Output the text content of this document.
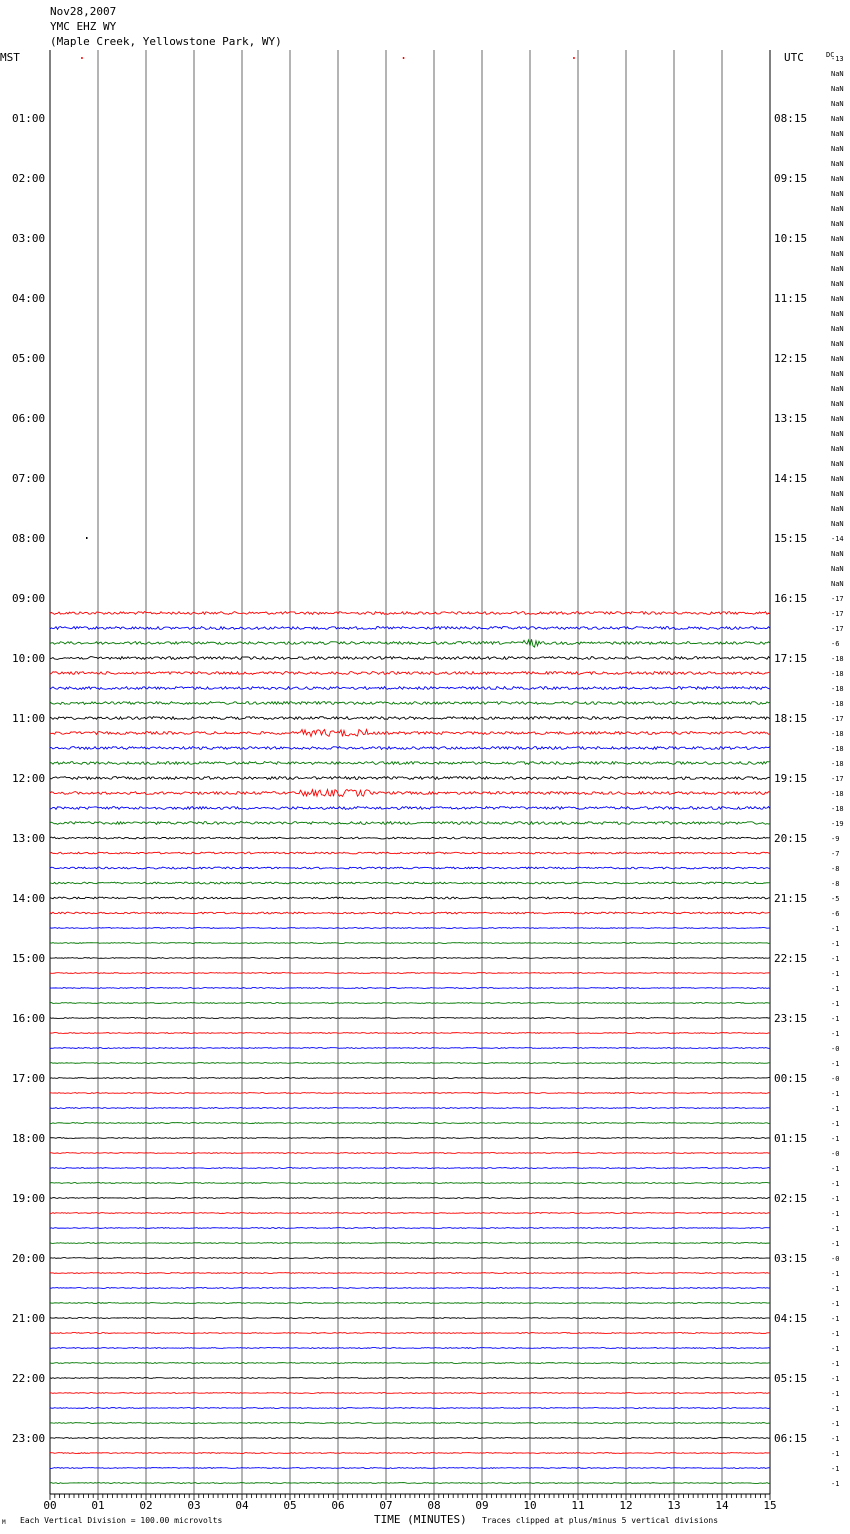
Nov28,2007
YMC EHZ WY
(Maple Creek, Yellowstone Park, WY)
MST	UTC	DC
M Each Vertical Division = 100.00 microvolts	TIME (MINUTES) Traces clipped at plus/minus 5 vertical divisions
00	01	02	03	04	05	06	07	08	09	10	11	12	13	14	15
01:00
02:00
03:00
04:00
05:00
06:00
07:00
08:00
09:00
10:00
11:00
12:00
13:00
14:00
15:00
16:00
17:00
18:00
19:00
20:00
21:00
22:00
23:00
08:15
09:15
10:15
11:15
12:15
13:15
14:15
15:15
16:15
17:15
18:15
19:15
20:15
21:15
22:15
23:15
00:15
01:15
02:15
03:15
04:15
05:15
06:15
-13
NaN
NaN
NaN
NaN
NaN
NaN
NaN
NaN
NaN
NaN
NaN
NaN
NaN
NaN
NaN
NaN
NaN
NaN
NaN
NaN
NaN
NaN
NaN
NaN
NaN
NaN
NaN
NaN
NaN
NaN
NaN
-14
NaN
NaN
NaN
-17
-17
-17
-6
-18
-18
-18
-18
-17
-18
-18
-18
-17
-18
-18
-19
-9
-7
-8
-8
-5
-6
-1
-1
-1
-1
-1
-1
-1
-1
-0
-1
-0
-1
-1
-1
-1
-0
-1
-1
-1
-1
-1
-1
-0
-1
-1
-1
-1
-1
-1
-1
-1
-1
-1
-1
-1
-1
-1
-1
